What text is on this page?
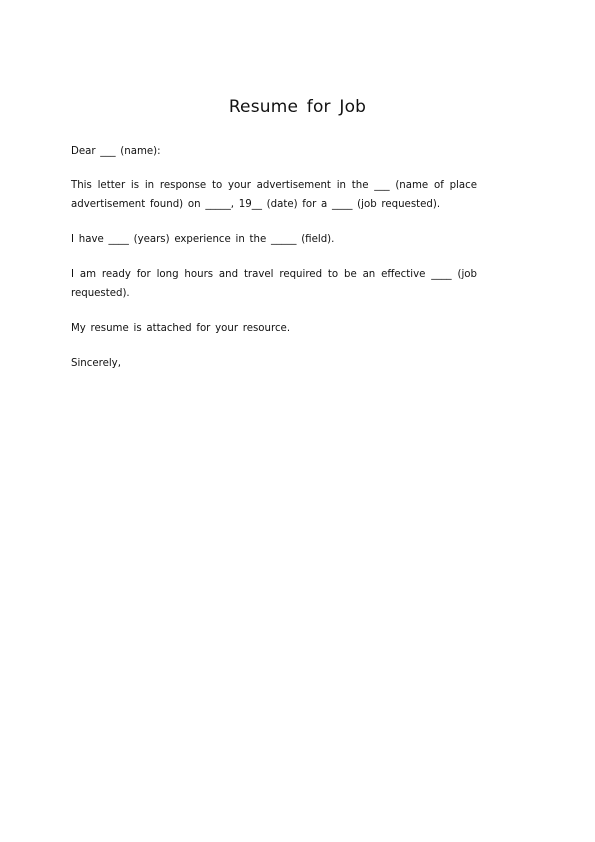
Resume for Job

Dear ___ (name):

This letter is in response to your advertisement in the ___ (name of place advertisement found) on _____, 19__ (date) for a ____ (job requested).

I have ____ (years) experience in the _____ (field).

I am ready for long hours and travel required to be an effective ____ (job requested).

My resume is attached for your resource.

Sincerely,
